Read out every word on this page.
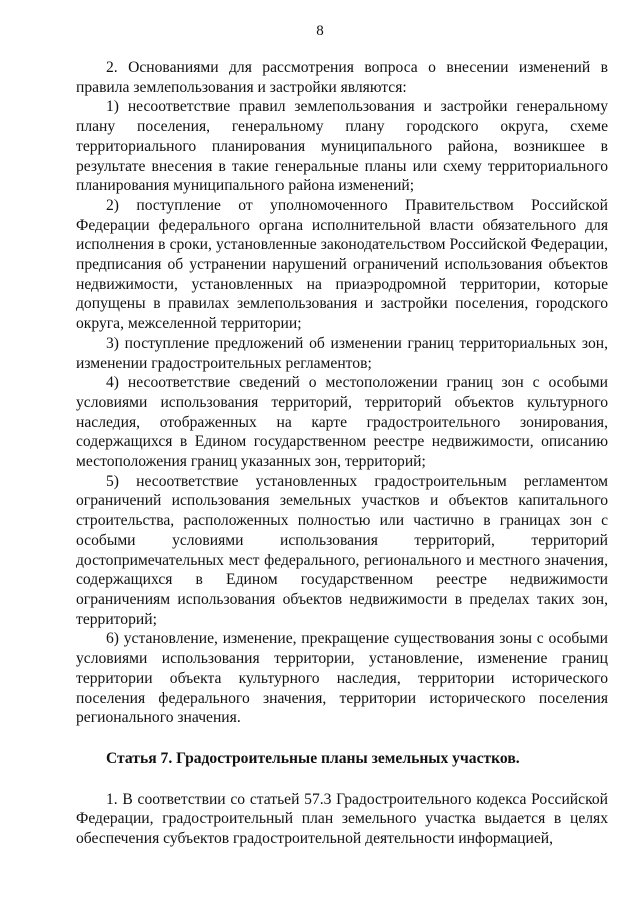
8

2. Основаниями для рассмотрения вопроса о внесении изменений в правила землепользования и застройки являются:

1) несоответствие правил землепользования и застройки генеральному плану поселения, генеральному плану городского округа, схеме территориального планирования муниципального района, возникшее в результате внесения в такие генеральные планы или схему территориального планирования муниципального района изменений;

2) поступление от уполномоченного Правительством Российской Федерации федерального органа исполнительной власти обязательного для исполнения в сроки, установленные законодательством Российской Федерации, предписания об устранении нарушений ограничений использования объектов недвижимости, установленных на приаэродромной территории, которые допущены в правилах землепользования и застройки поселения, городского округа, межселенной территории;

3) поступление предложений об изменении границ территориальных зон, изменении градостроительных регламентов;

4) несоответствие сведений о местоположении границ зон с особыми условиями использования территорий, территорий объектов культурного наследия, отображенных на карте градостроительного зонирования, содержащихся в Едином государственном реестре недвижимости, описанию местоположения границ указанных зон, территорий;

5) несоответствие установленных градостроительным регламентом ограничений использования земельных участков и объектов капитального строительства, расположенных полностью или частично в границах зон с особыми условиями использования территорий, территорий достопримечательных мест федерального, регионального и местного значения, содержащихся в Едином государственном реестре недвижимости ограничениям использования объектов недвижимости в пределах таких зон, территорий;

6) установление, изменение, прекращение существования зоны с особыми условиями использования территории, установление, изменение границ территории объекта культурного наследия, территории исторического поселения федерального значения, территории исторического поселения регионального значения.

Статья 7. Градостроительные планы земельных участков.

1. В соответствии со статьей 57.3 Градостроительного кодекса Российской Федерации, градостроительный план земельного участка выдается в целях обеспечения субъектов градостроительной деятельности информацией,
